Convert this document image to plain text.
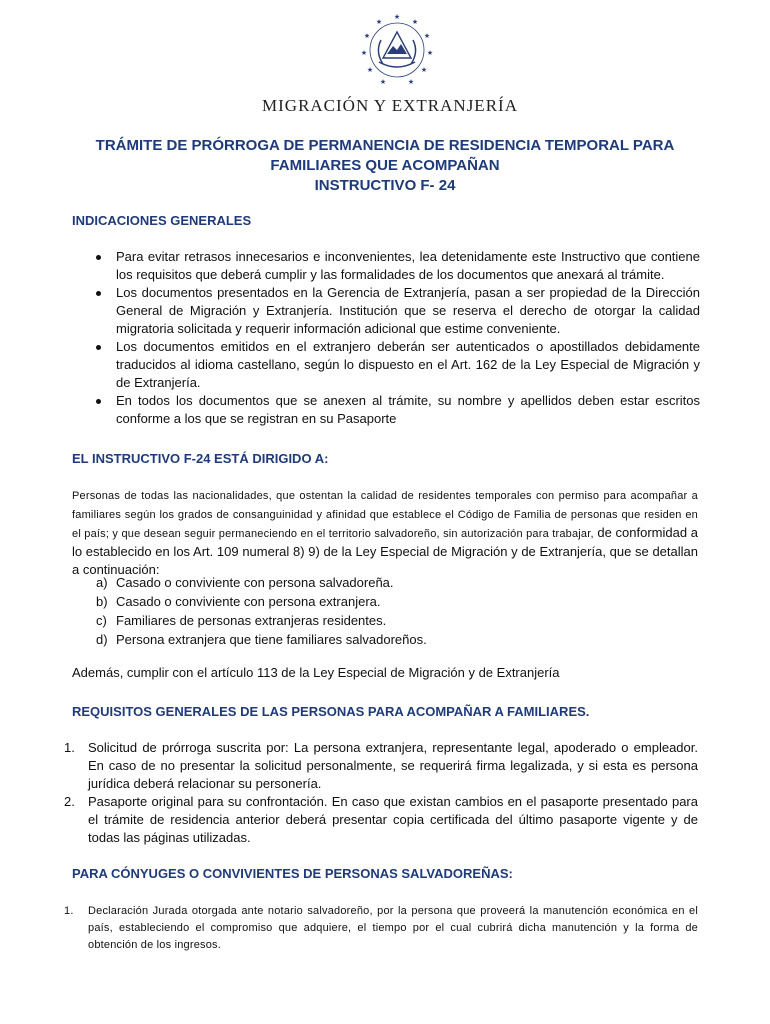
★
★
★
★
★
★
★
★
★
★
★
MIGRACIÓN Y EXTRANJERÍA
TRÁMITE DE PRÓRROGA DE PERMANENCIA DE RESIDENCIA TEMPORAL PARA
FAMILIARES QUE ACOMPAÑAN
INSTRUCTIVO F- 24
INDICACIONES GENERALES
Para evitar retrasos innecesarios e inconvenientes, lea detenidamente este Instructivo que contiene los requisitos que deberá cumplir y las formalidades de los documentos que anexará al trámite.
Los documentos presentados en la Gerencia de Extranjería, pasan a ser propiedad de la Dirección General de Migración y Extranjería. Institución que se reserva el derecho de otorgar la calidad migratoria solicitada y requerir información adicional que estime conveniente.
Los documentos emitidos en el extranjero deberán ser autenticados o apostillados debidamente traducidos al idioma castellano, según lo dispuesto en el Art. 162 de la Ley Especial de Migración y de Extranjería.
En todos los documentos que se anexen al trámite, su nombre y apellidos deben estar escritos conforme a los que se registran en su Pasaporte
EL INSTRUCTIVO F-24 ESTÁ DIRIGIDO A:
Personas de todas las nacionalidades, que ostentan la calidad de residentes temporales con permiso para acompañar a familiares según los grados de consanguinidad y afinidad que establece el Código de Familia de personas que residen en el país; y que desean seguir permaneciendo en el territorio salvadoreño, sin autorización para trabajar, de conformidad a lo establecido en los Art. 109 numeral 8) 9) de la Ley Especial de Migración y de Extranjería, que se detallan a continuación:
a) Casado o conviviente con persona salvadoreña.
b) Casado o conviviente con persona extranjera.
c) Familiares de personas extranjeras residentes.
d) Persona extranjera que tiene familiares salvadoreños.
Además, cumplir con el artículo 113 de la Ley Especial de Migración y de Extranjería
REQUISITOS GENERALES DE LAS PERSONAS PARA ACOMPAÑAR A FAMILIARES.
1. Solicitud de prórroga suscrita por: La persona extranjera, representante legal, apoderado o empleador. En caso de no presentar la solicitud personalmente, se requerirá firma legalizada, y si esta es persona jurídica deberá relacionar su personería.
2. Pasaporte original para su confrontación. En caso que existan cambios en el pasaporte presentado para el trámite de residencia anterior deberá presentar copia certificada del último pasaporte vigente y de todas las páginas utilizadas.
PARA CÓNYUGES O CONVIVIENTES DE PERSONAS SALVADOREÑAS:
1. Declaración Jurada otorgada ante notario salvadoreño, por la persona que proveerá la manutención económica en el país, estableciendo el compromiso que adquiere, el tiempo por el cual cubrirá dicha manutención y la forma de obtención de los ingresos.
